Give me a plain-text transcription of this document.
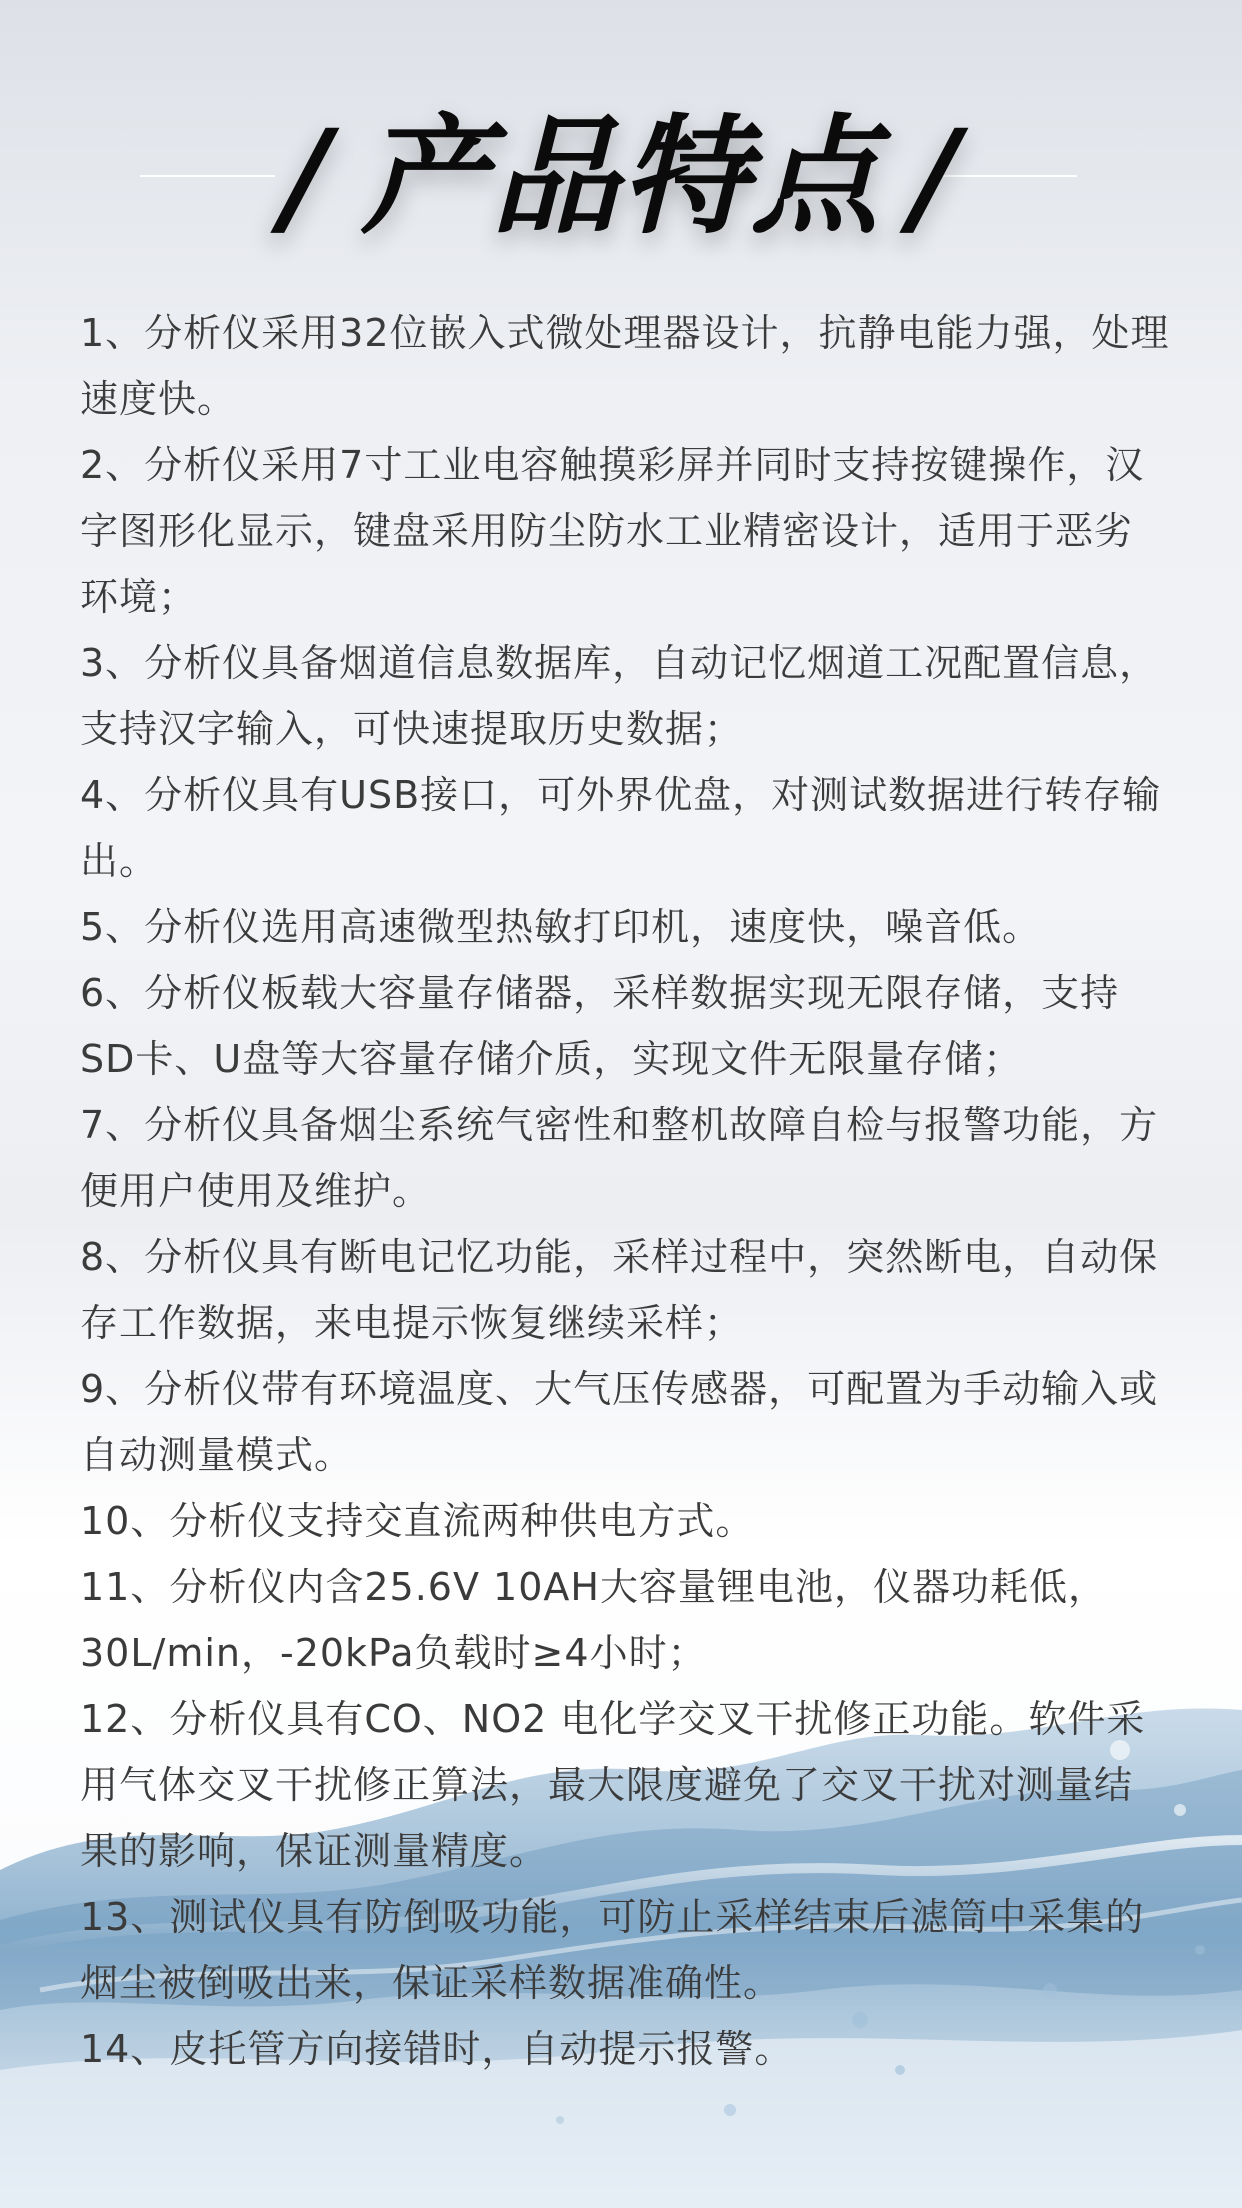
/ 产品特点 /
1、分析仪采用32位嵌入式微处理器设计，抗静电能力强，处理速度快。
2、分析仪采用7寸工业电容触摸彩屏并同时支持按键操作，汉字图形化显示，键盘采用防尘防水工业精密设计，适用于恶劣环境；
3、分析仪具备烟道信息数据库，自动记忆烟道工况配置信息，支持汉字输入，可快速提取历史数据；
4、分析仪具有USB接口，可外界优盘，对测试数据进行转存输出。
5、分析仪选用高速微型热敏打印机，速度快，噪音低。
6、分析仪板载大容量存储器，采样数据实现无限存储，支持SD卡、U盘等大容量存储介质，实现文件无限量存储；
7、分析仪具备烟尘系统气密性和整机故障自检与报警功能，方便用户使用及维护。
8、分析仪具有断电记忆功能，采样过程中，突然断电，自动保存工作数据，来电提示恢复继续采样；
9、分析仪带有环境温度、大气压传感器，可配置为手动输入或自动测量模式。
10、分析仪支持交直流两种供电方式。
11、分析仪内含25.6V 10AH大容量锂电池，仪器功耗低，30L/min，-20kPa负载时≥4小时；
12、分析仪具有CO、NO2 电化学交叉干扰修正功能。软件采用气体交叉干扰修正算法，最大限度避免了交叉干扰对测量结果的影响，保证测量精度。
13、测试仪具有防倒吸功能，可防止采样结束后滤筒中采集的烟尘被倒吸出来，保证采样数据准确性。
14、皮托管方向接错时，自动提示报警。
